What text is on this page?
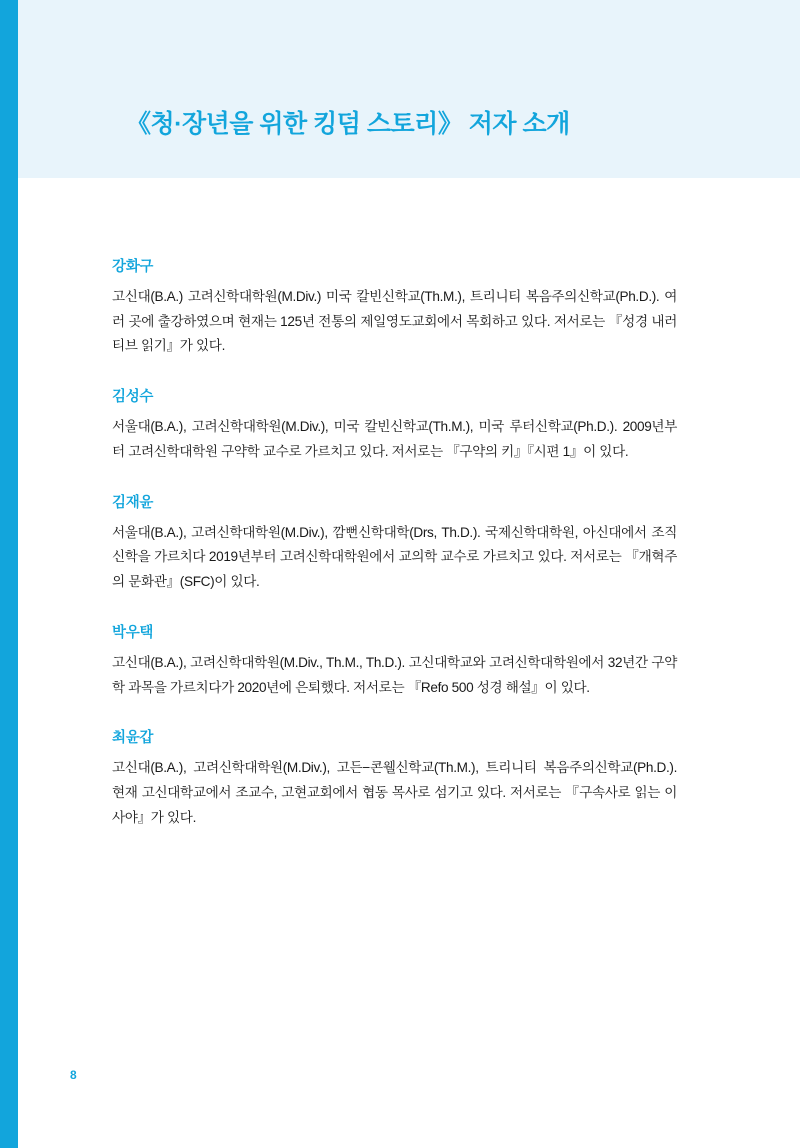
《청·장년을 위한 킹덤 스토리》 저자 소개
강화구
고신대(B.A.) 고려신학대학원(M.Div.) 미국 칼빈신학교(Th.M.), 트리니티 복음주의신학교(Ph.D.). 여러 곳에 출강하였으며 현재는 125년 전통의 제일영도교회에서 목회하고 있다. 저서로는 『성경 내러티브 읽기』가 있다.
김성수
서울대(B.A.), 고려신학대학원(M.Div.), 미국 칼빈신학교(Th.M.), 미국 루터신학교(Ph.D.). 2009년부터 고려신학대학원 구약학 교수로 가르치고 있다. 저서로는 『구약의 키』『시편 1』이 있다.
김재윤
서울대(B.A.), 고려신학대학원(M.Div.), 깜뻔신학대학(Drs, Th.D.). 국제신학대학원, 아신대에서 조직신학을 가르치다 2019년부터 고려신학대학원에서 교의학 교수로 가르치고 있다. 저서로는 『개혁주의 문화관』(SFC)이 있다.
박우택
고신대(B.A.), 고려신학대학원(M.Div., Th.M., Th.D.). 고신대학교와 고려신학대학원에서 32년간 구약학 과목을 가르치다가 2020년에 은퇴했다. 저서로는 『Refo 500 성경 해설』이 있다.
최윤갑
고신대(B.A.), 고려신학대학원(M.Div.), 고든−콘웰신학교(Th.M.), 트리니티 복음주의신학교(Ph.D.). 현재 고신대학교에서 조교수, 고현교회에서 협동 목사로 섬기고 있다. 저서로는 『구속사로 읽는 이사야』가 있다.
8
